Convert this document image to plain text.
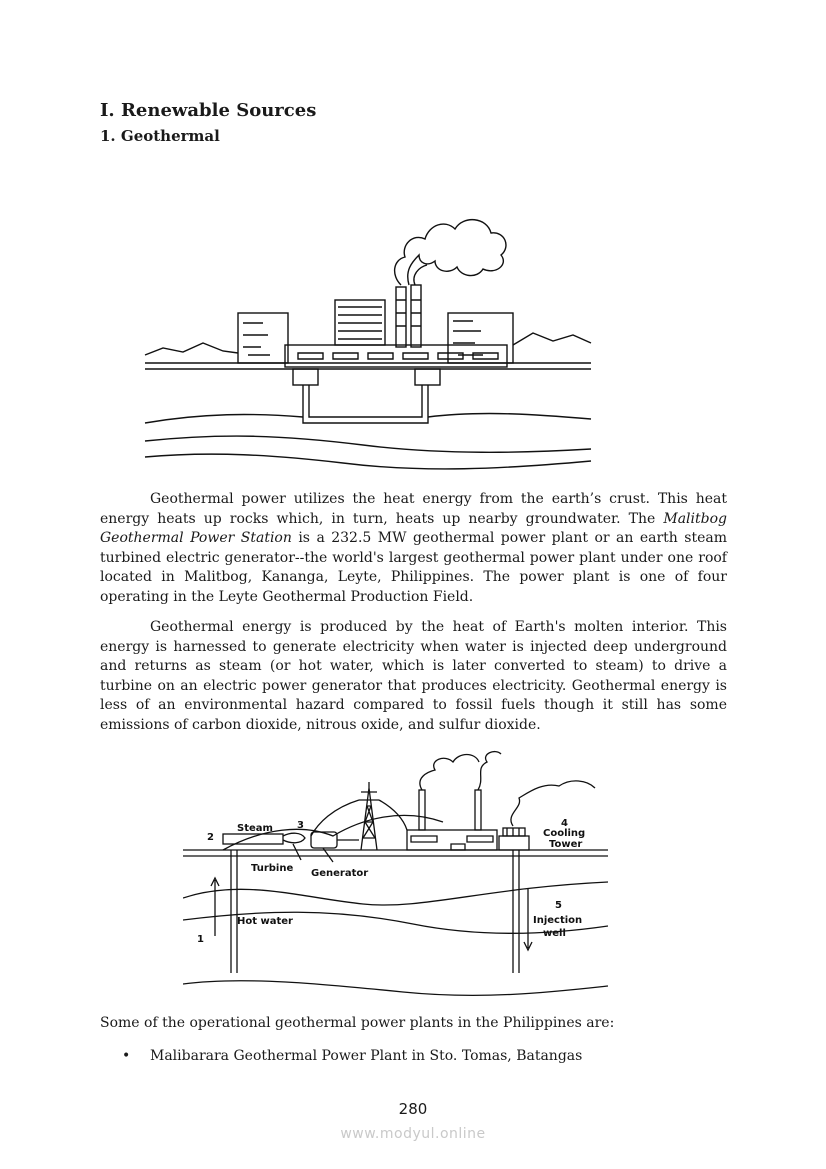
I. Renewable Sources
1. Geothermal

Geothermal power utilizes the heat energy from the earth’s crust. This heat energy heats up rocks which, in turn, heats up nearby groundwater. The Malitbog Geothermal Power Station is a 232.5 MW geothermal power plant or an earth steam turbined electric generator--the world's largest geothermal power plant under one roof located in Malitbog, Kananga, Leyte, Philippines. The power plant is one of four operating in the Leyte Geothermal Production Field.

Geothermal energy is produced by the heat of Earth's molten interior. This energy is harnessed to generate electricity when water is injected deep underground and returns as steam (or hot water, which is later converted to steam) to drive a turbine on an electric power generator that produces electricity. Geothermal energy is less of an environmental hazard compared to fossil fuels though it still has some emissions of carbon dioxide, nitrous oxide, and sulfur dioxide.

Steam
2
3	4
Cooling
Tower
Turbine Generator
5
Hot water	Injection
well
1

Some of the operational geothermal power plants in the Philippines are:

• Malibarara Geothermal Power Plant in Sto. Tomas, Batangas

280

www.modyul.online
